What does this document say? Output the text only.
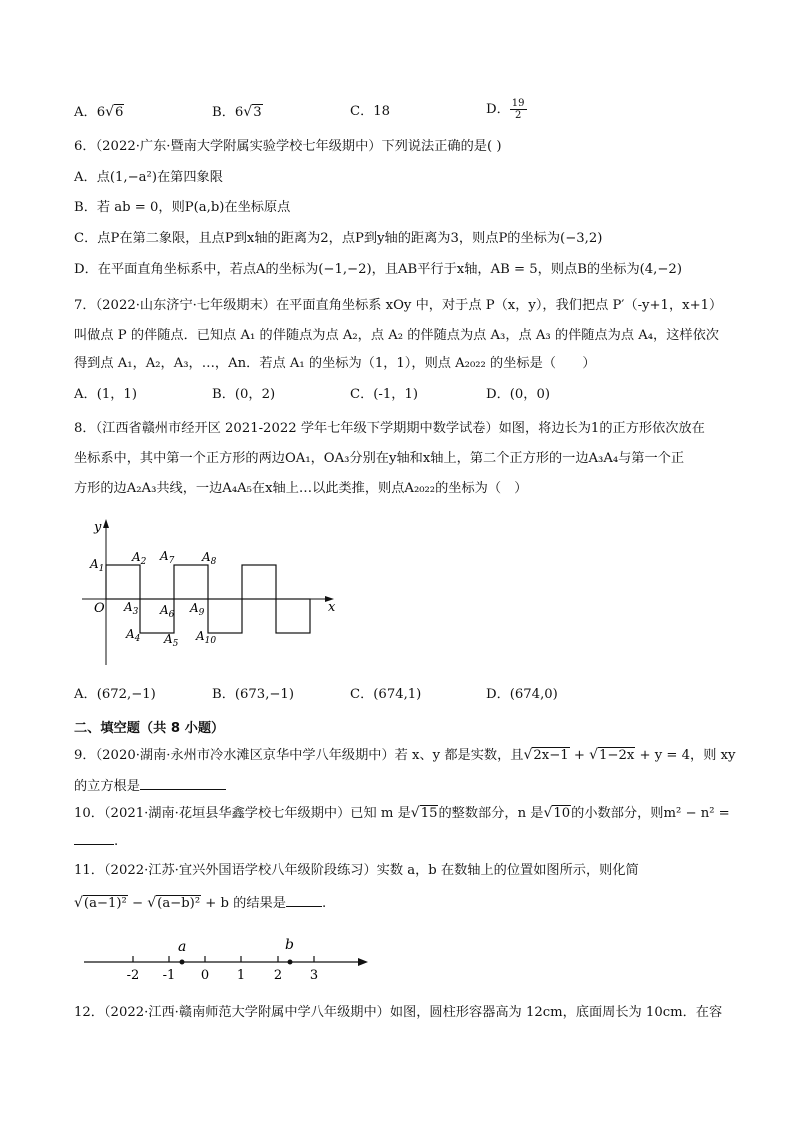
A．6√6	B．6√3	C．18	D． $\frac{19}{2}$
6．（2022·广东·暨南大学附属实验学校七年级期中）下列说法正确的是( )
A．点(1,−a²)在第四象限
B．若 ab = 0，则P(a,b)在坐标原点
C．点P在第二象限，且点P到x轴的距离为2，点P到y轴的距离为3，则点P的坐标为(−3,2)
D．在平面直角坐标系中，若点A的坐标为(−1,−2)，且AB平行于x轴，AB = 5，则点B的坐标为(4,−2)
7．（2022·山东济宁·七年级期末）在平面直角坐标系 xOy 中，对于点 P（x，y），我们把点 P′（-y+1，x+1）
叫做点 P 的伴随点．已知点 A₁ 的伴随点为点 A₂，点 A₂ 的伴随点为点 A₃，点 A₃ 的伴随点为点 A₄，这样依次
得到点 A₁，A₂，A₃，…，An．若点 A₁ 的坐标为（1，1），则点 A₂₀₂₂ 的坐标是（　　）
A．(1，1)	B．(0，2)	C．(-1，1)	D．(0，0)
8．（江西省赣州市经开区 2021-2022 学年七年级下学期期中数学试卷）如图，将边长为1的正方形依次放在
坐标系中，其中第一个正方形的两边OA₁，OA₃分别在y轴和x轴上，第二个正方形的一边A₃A₄与第一个正
方形的边A₂A₃共线，一边A₄A₅在x轴上…以此类推，则点A₂₀₂₂的坐标为（　）
y
x
O
$A_1$
$A_2$
$A_3$
$A_4$ $A_5$
$A_6$
$A_7$ $A_8$
$A_9$
$A_{10}$
A．(672,−1)	B．(673,−1)	C．(674,1)	D．(674,0)
二、填空题（共 8 小题）
9．（2020·湖南·永州市冷水滩区京华中学八年级期中）若 x、y 都是实数，且√2x−1 + √1−2x + y = 4，则 xy
的立方根是
10．（2021·湖南·花垣县华鑫学校七年级期中）已知 m 是√15的整数部分，n 是√10的小数部分，则m² − n² =
.
11．（2022·江苏·宜兴外国语学校八年级阶段练习）实数 a，b 在数轴上的位置如图所示，则化简
√(a−1)² − √(a−b)² + b 的结果是	.
-2 -1 0 1 2 3
a	b
12．（2022·江西·赣南师范大学附属中学八年级期中）如图，圆柱形容器高为 12cm，底面周长为 10cm．在容
